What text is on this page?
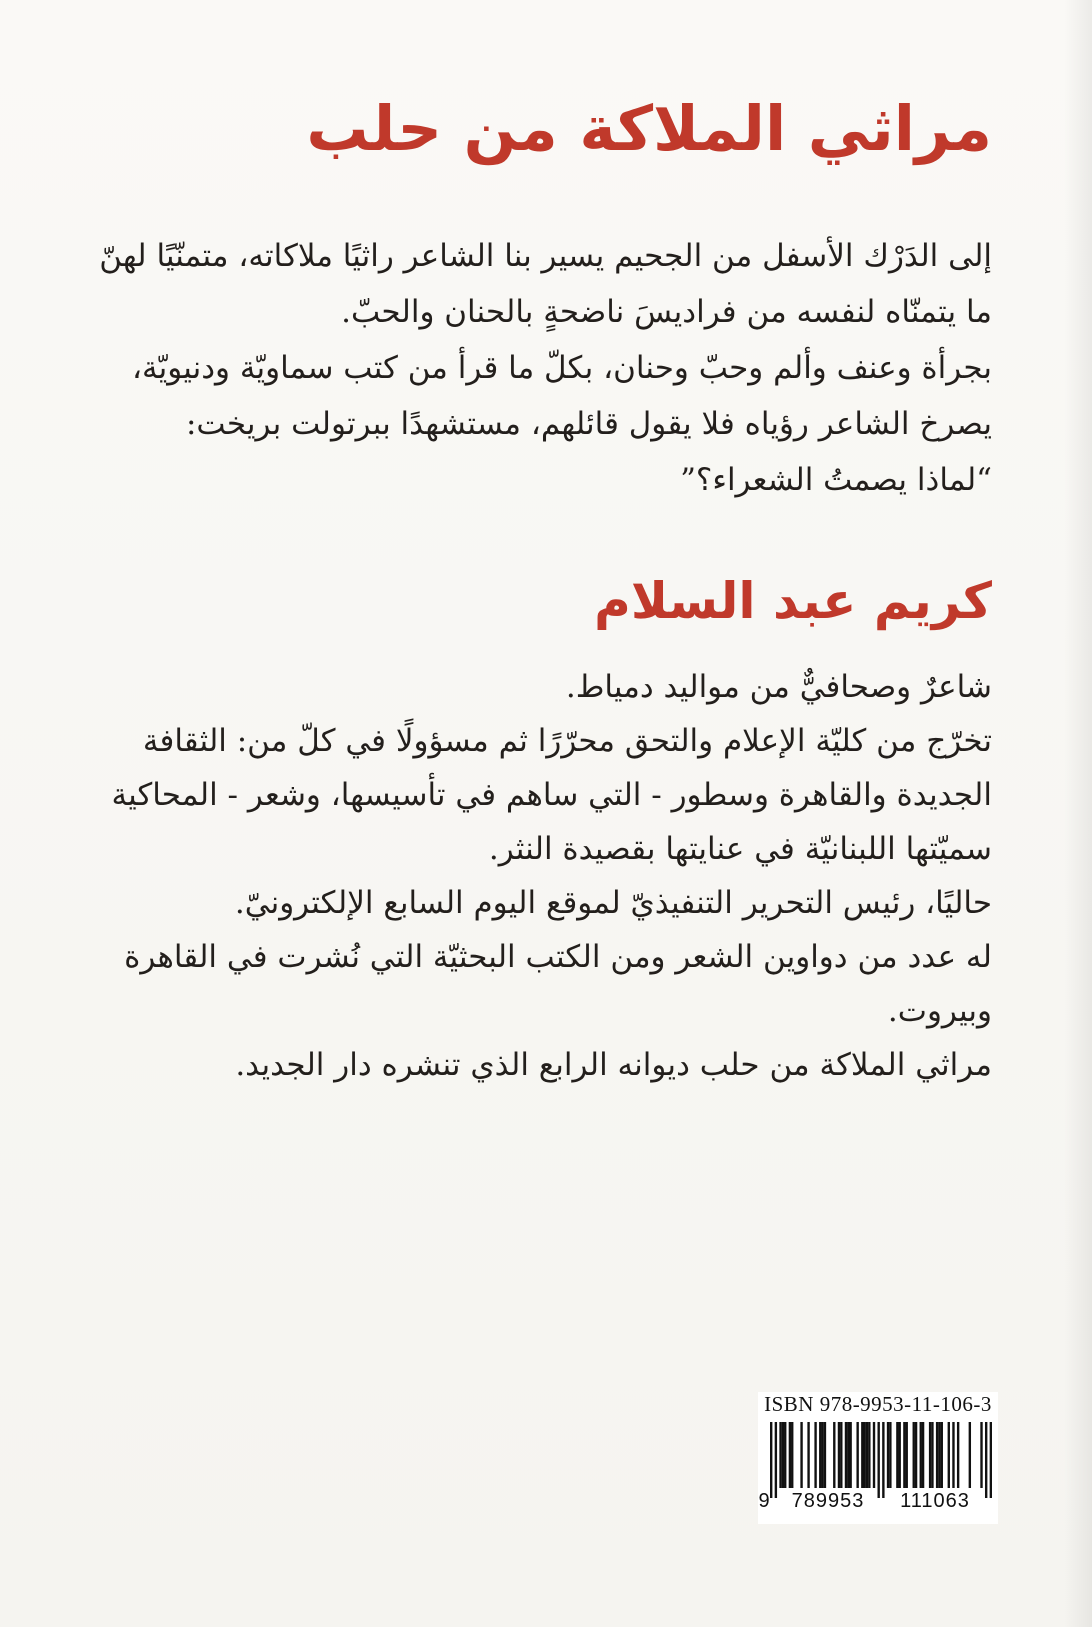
مراثي الملاكة من حلب
إلى الدَرْك الأسفل من الجحيم يسير بنا الشاعر راثيًا ملاكاته، متمنّيًا لهنّ
ما يتمنّاه لنفسه من فراديسَ ناضحةٍ بالحنان والحبّ.
بجرأة وعنف وألم وحبّ وحنان، بكلّ ما قرأ من كتب سماويّة ودنيويّة،
يصرخ الشاعر رؤياه فلا يقول قائلهم، مستشهدًا ببرتولت بريخت:
“لماذا يصمتُ الشعراء؟”
كريم عبد السلام
شاعرٌ وصحافيٌّ من مواليد دمياط.
تخرّج من كليّة الإعلام والتحق محرّرًا ثم مسؤولًا في كلّ من: الثقافة
الجديدة والقاهرة وسطور - التي ساهم في تأسيسها، وشعر - المحاكية
سميّتها اللبنانيّة في عنايتها بقصيدة النثر.
حاليًا، رئيس التحرير التنفيذيّ لموقع اليوم السابع الإلكترونيّ.
له عدد من دواوين الشعر ومن الكتب البحثيّة التي نُشرت في القاهرة
وبيروت.
مراثي الملاكة من حلب ديوانه الرابع الذي تنشره دار الجديد.
ISBN 978-9953-11-106-3
9	789953	111063
